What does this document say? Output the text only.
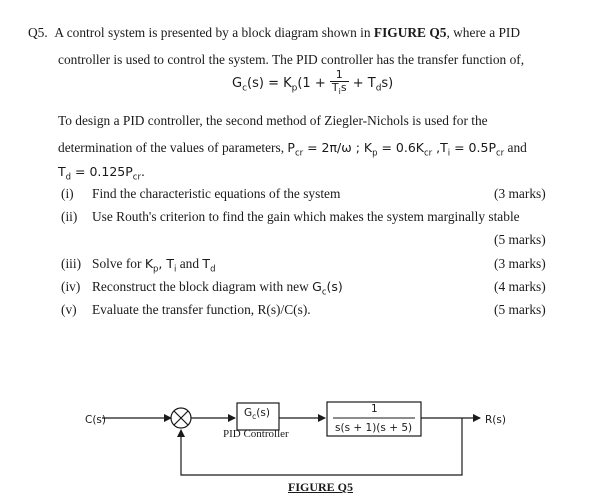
Q5. A control system is presented by a block diagram shown in FIGURE Q5, where a PID
controller is used to control the system. The PID controller has the transfer function of,
$G_c(s) = K_p(1 + \frac{1}{T_is} + T_ds)$
To design a PID controller, the second method of Ziegler-Nichols is used for the
determination of the values of parameters, $P_{cr} = 2\pi/\omega$ ; $K_p = 0.6K_{cr}$ $,T_i = 0.5P_{cr}$ and
$T_d = 0.125P_{cr}$.
(i) Find the characteristic equations of the system	(3 marks)
(ii) Use Routh's criterion to find the gain which makes the system marginally stable
(5 marks)
(iii) Solve for $K_p$, $T_i$ and $T_d$	(3 marks)
(iv) Reconstruct the block diagram with new $G_c(s)$	(4 marks)
(v) Evaluate the transfer function, R(s)/C(s).	(5 marks)
C(s)	R(s)
$G_c(s)$
PID Controller
1
s(s + 1)(s + 5)
FIGURE Q5
